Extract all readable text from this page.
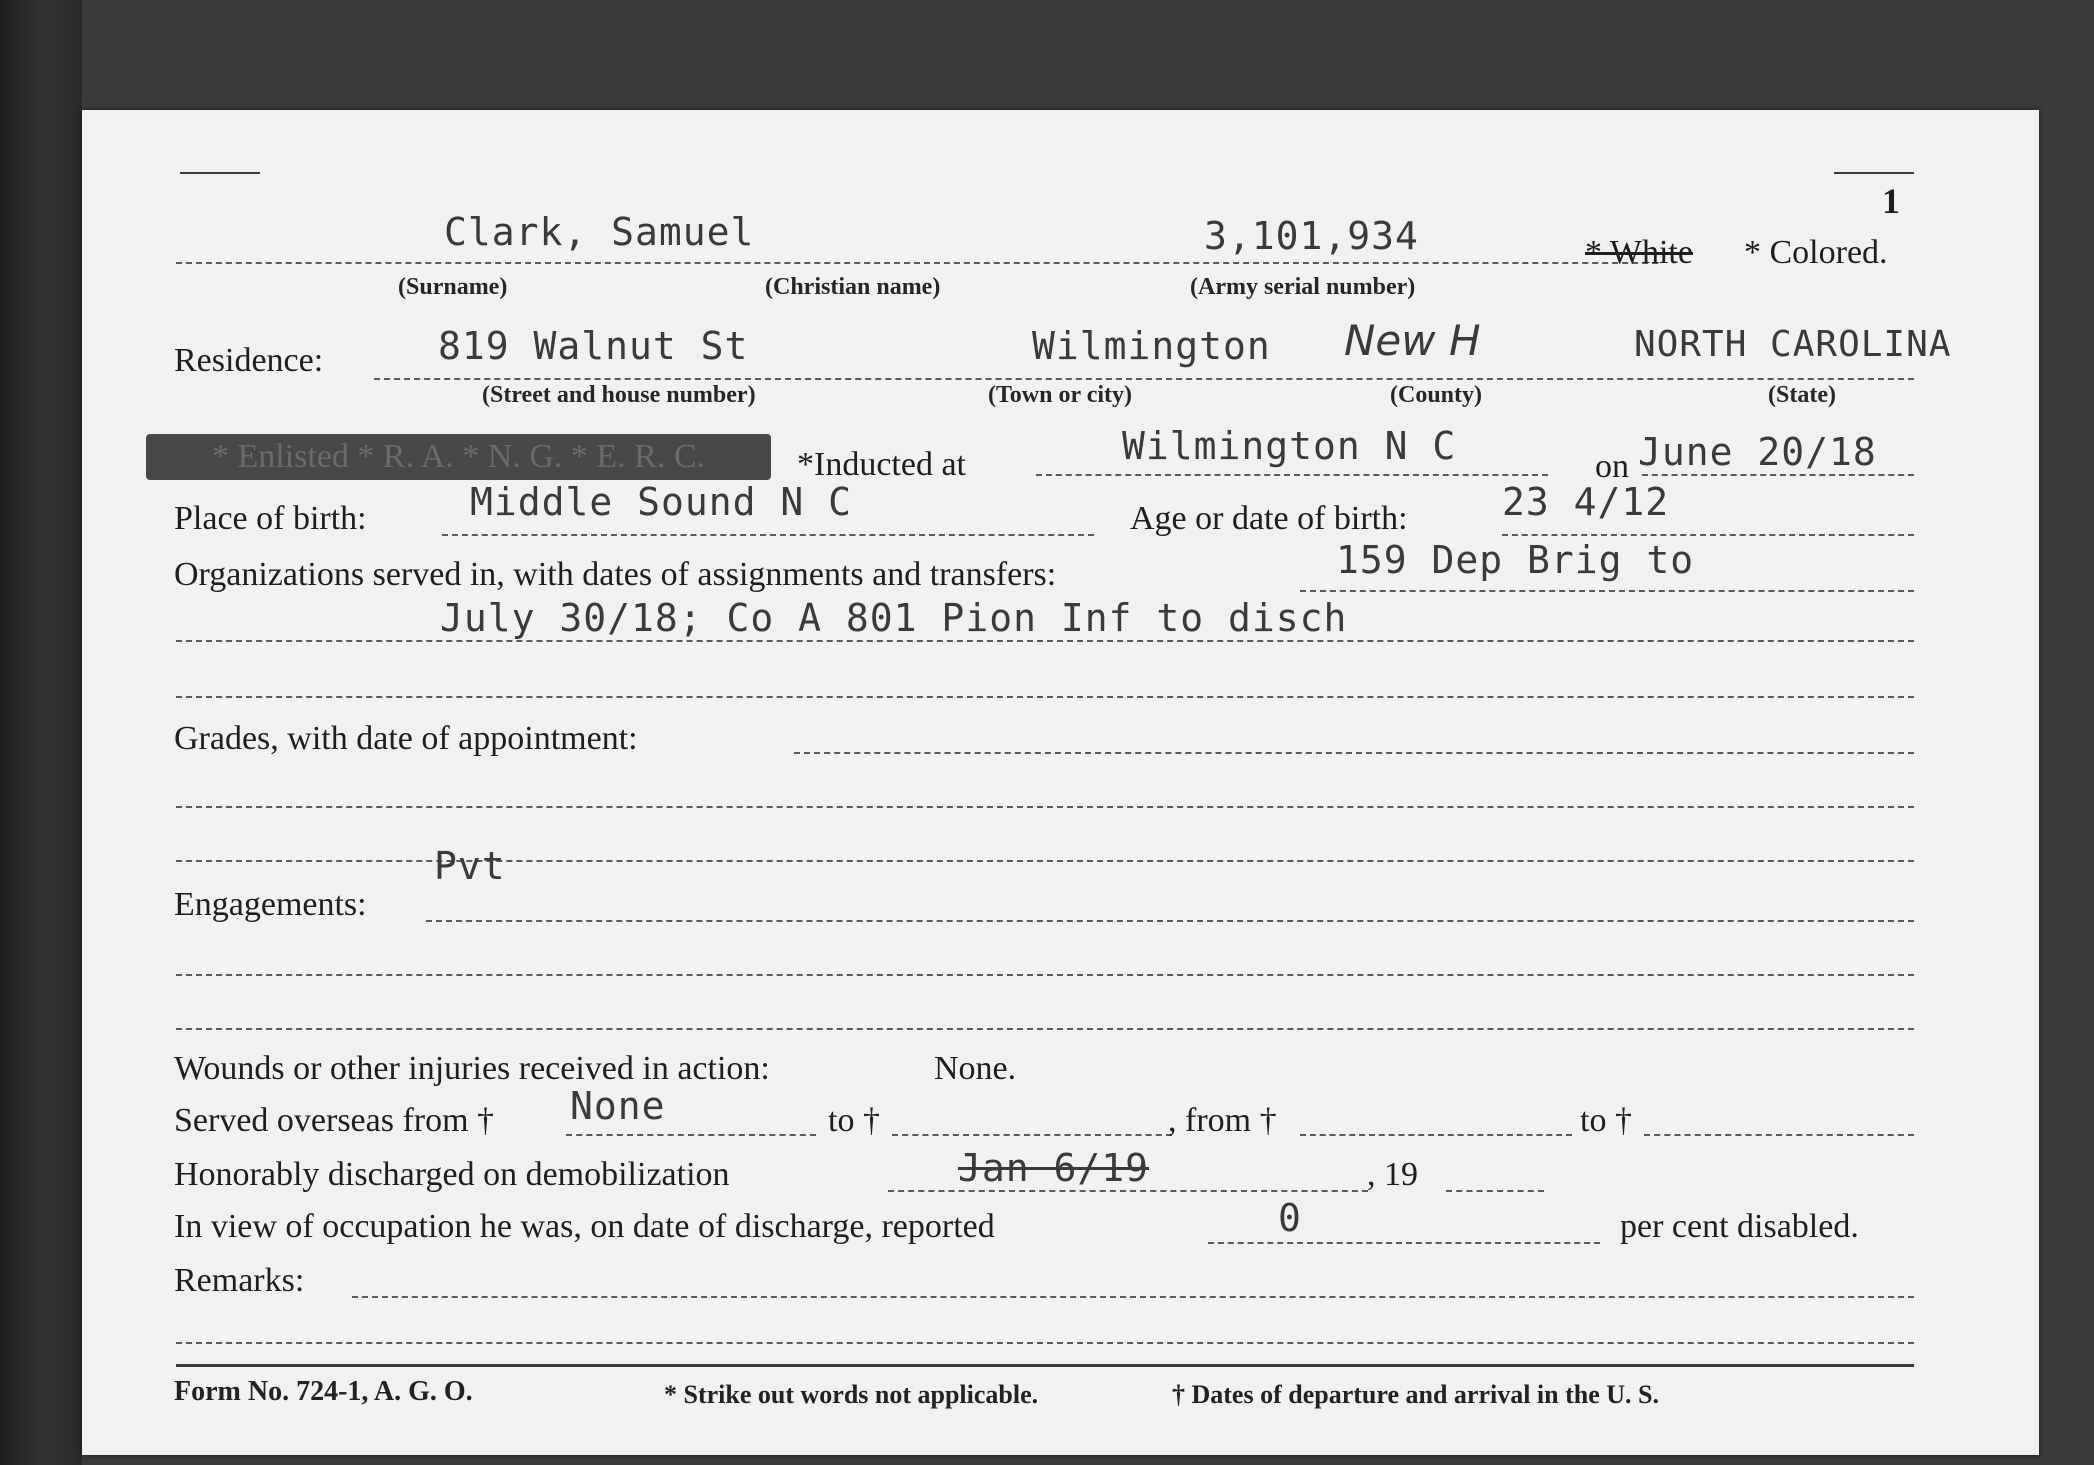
1
Clark, Samuel	3,101,934	* White * Colored.
(Surname)	(Christian name)	(Army serial number)
Residence:	819 Walnut St	Wilmington New H	NORTH CAROLINA
(Street and house number)	(Town or city)	(County)	(State)
* Enlisted * R. A. * N. G. * E. R. C.	*Inducted at	Wilmington N C	on June 20/18
Place of birth:	Middle Sound N C	Age or date of birth: 23 4/12
Organizations served in, with dates of assignments and transfers:	159 Dep Brig to
July 30/18; Co A 801 Pion Inf to disch
Grades, with date of appointment:
Pvt
Engagements:
Wounds or other injuries received in action:	None.
Served overseas from † None	to †	, from †	to †
Honorably discharged on demobilization	Jan 6/19	, 19
In view of occupation he was, on date of discharge, reported	0	per cent disabled.
Remarks:
Form No. 724-1, A. G. O.	* Strike out words not applicable.	† Dates of departure and arrival in the U. S.
